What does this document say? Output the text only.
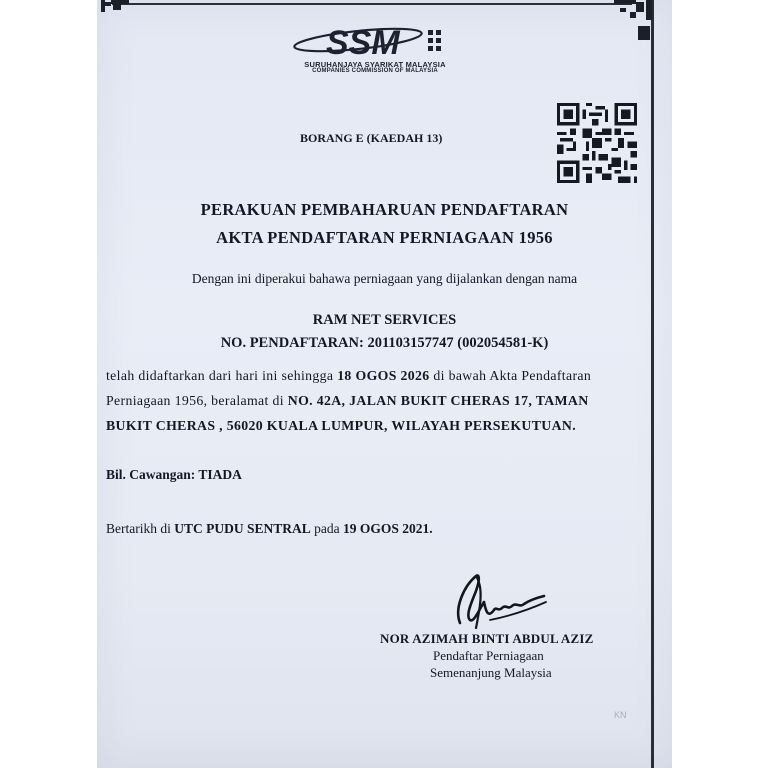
SSM
SURUHANJAYA SYARIKAT MALAYSIA
COMPANIES COMMISSION OF MALAYSIA
BORANG E (KAEDAH 13)
PERAKUAN PEMBAHARUAN PENDAFTARAN
AKTA PENDAFTARAN PERNIAGAAN 1956
Dengan ini diperakui bahawa perniagaan yang dijalankan dengan nama
RAM NET SERVICES
NO. PENDAFTARAN: 201103157747 (002054581-K)
telah didaftarkan dari hari ini sehingga 18 OGOS 2026 di bawah Akta Pendaftaran
Perniagaan 1956, beralamat di NO. 42A, JALAN BUKIT CHERAS 17, TAMAN
BUKIT CHERAS , 56020 KUALA LUMPUR, WILAYAH PERSEKUTUAN.
Bil. Cawangan: TIADA
Bertarikh di UTC PUDU SENTRAL pada 19 OGOS 2021.
NOR AZIMAH BINTI ABDUL AZIZ
Pendaftar Perniagaan
Semenanjung Malaysia
KN
